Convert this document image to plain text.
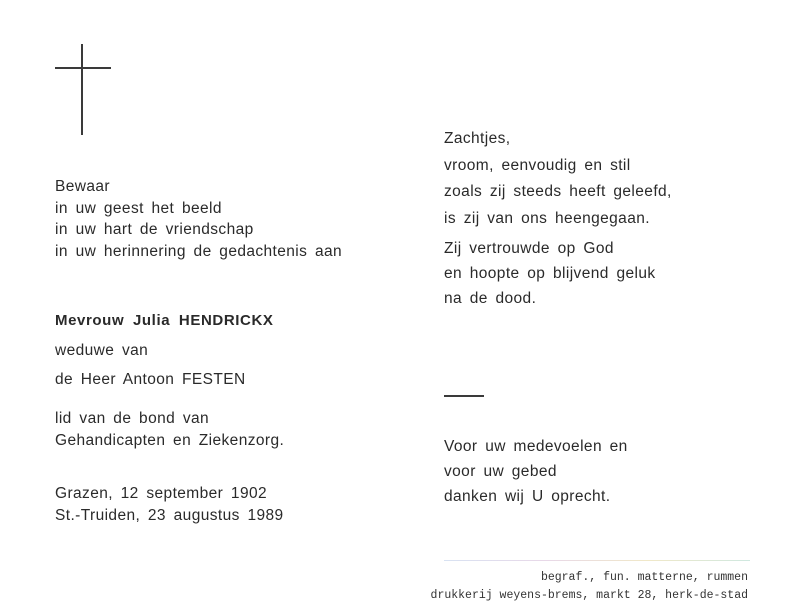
Bewaar
in uw geest het beeld
in uw hart de vriendschap
in uw herinnering de gedachtenis aan
Mevrouw Julia HENDRICKX
weduwe van
de Heer Antoon FESTEN
lid van de bond van
Gehandicapten en Ziekenzorg.
Grazen, 12 september 1902
St.-Truiden, 23 augustus 1989
Zachtjes,
vroom, eenvoudig en stil
zoals zij steeds heeft geleefd,
is zij van ons heengegaan.
Zij vertrouwde op God
en hoopte op blijvend geluk
na de dood.
Voor uw medevoelen en
voor uw gebed
danken wij U oprecht.
begraf., fun. matterne, rummen
drukkerij weyens-brems, markt 28, herk-de-stad
